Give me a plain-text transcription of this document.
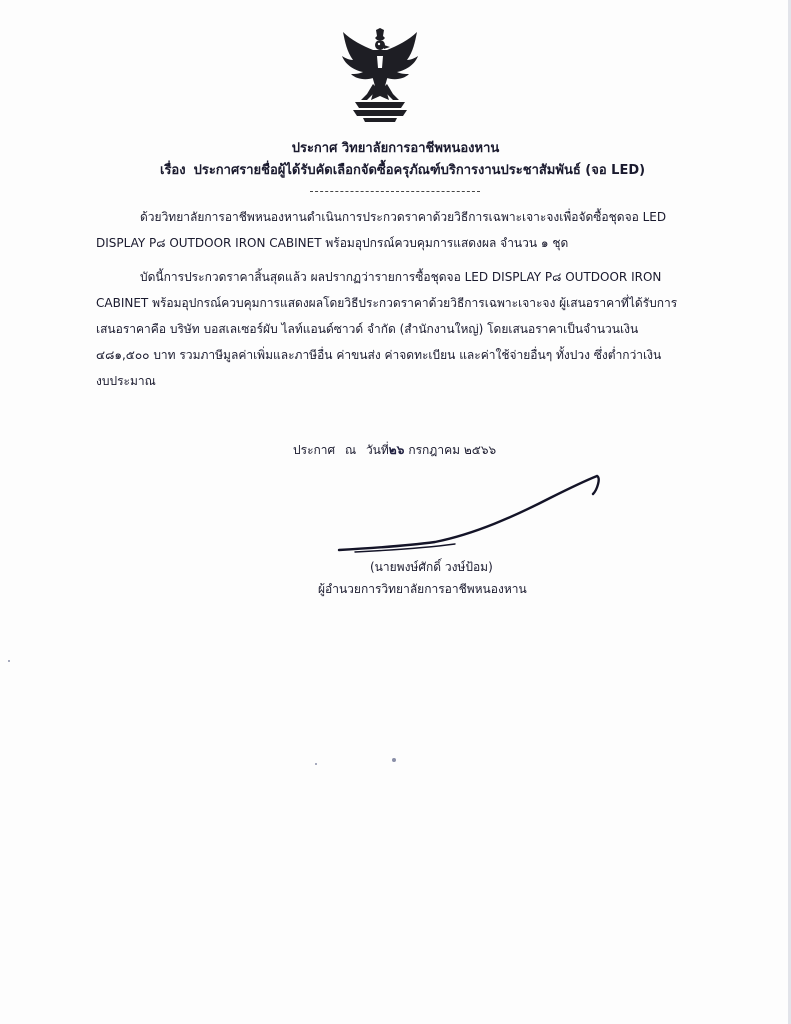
ประกาศ วิทยาลัยการอาชีพหนองหาน
เรื่อง ประกาศรายชื่อผู้ได้รับคัดเลือกจัดซื้อครุภัณฑ์บริการงานประชาสัมพันธ์ (จอ LED)
ด้วยวิทยาลัยการอาชีพหนองหานดำเนินการประกวดราคาด้วยวิธีการเฉพาะเจาะจงเพื่อจัดซื้อชุดจอ LED
DISPLAY P๘ OUTDOOR IRON CABINET พร้อมอุปกรณ์ควบคุมการแสดงผล จำนวน ๑ ชุด
บัดนี้การประกวดราคาสิ้นสุดแล้ว ผลปรากฏว่ารายการซื้อชุดจอ LED DISPLAY P๘ OUTDOOR IRON
CABINET พร้อมอุปกรณ์ควบคุมการแสดงผลโดยวิธีประกวดราคาด้วยวิธีการเฉพาะเจาะจง ผู้เสนอราคาที่ได้รับการ
เสนอราคาคือ บริษัท บอสเลเซอร์ผับ ไลท์แอนด์ซาวด์ จำกัด (สำนักงานใหญ่) โดยเสนอราคาเป็นจำนวนเงิน
๔๘๑,๕๐๐ บาท รวมภาษีมูลค่าเพิ่มและภาษีอื่น ค่าขนส่ง ค่าจดทะเบียน และค่าใช้จ่ายอื่นๆ ทั้งปวง ซึ่งต่ำกว่าเงิน
งบประมาณ
ประกาศ ณ วันที่๒๖ กรกฎาคม ๒๕๖๖
(นายพงษ์ศักดิ์ วงษ์ป้อม)
ผู้อำนวยการวิทยาลัยการอาชีพหนองหาน
